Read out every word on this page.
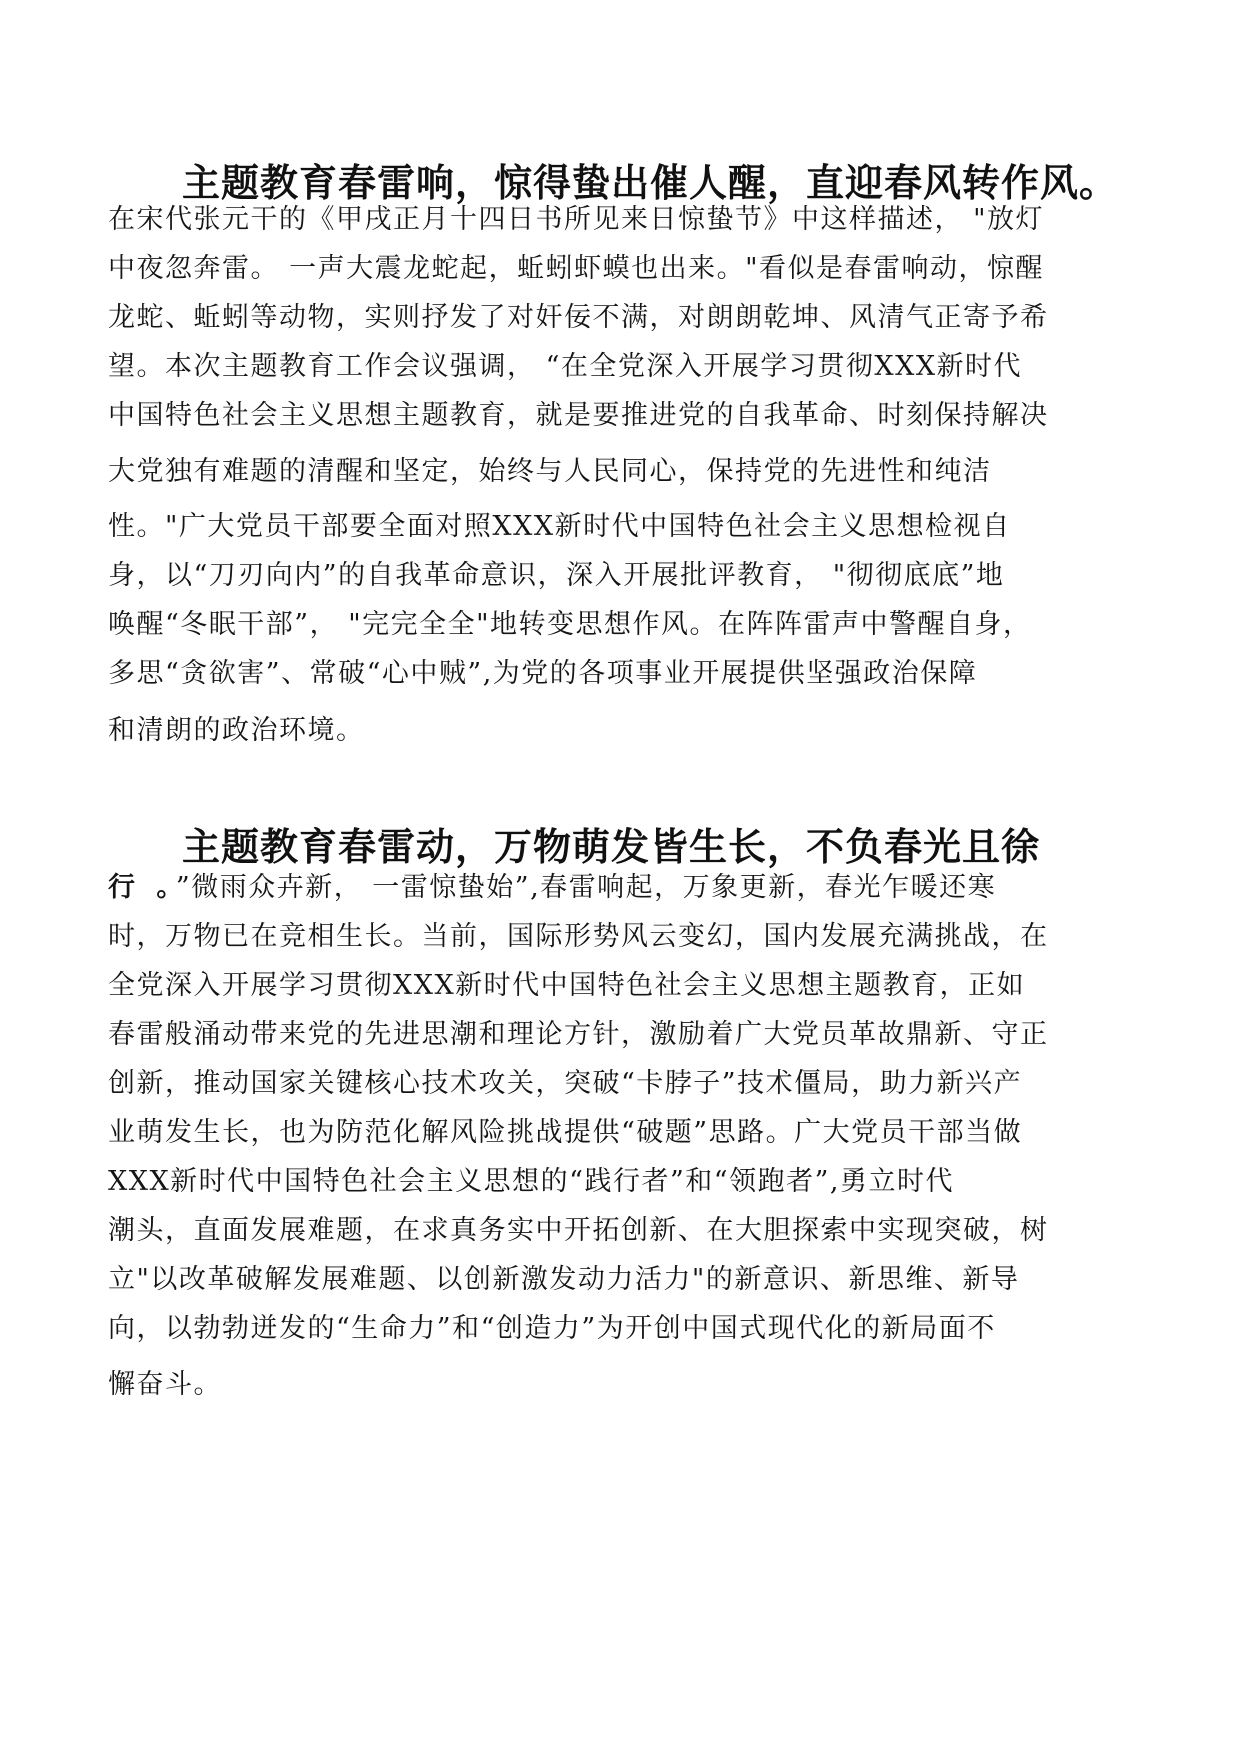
主题教育春雷响，惊得蛰出催人醒，直迎春风转作风。

在宋代张元干的《甲戌正月十四日书所见来日惊蛰节》中这样描述， "放灯

中夜忽奔雷。 一声大震龙蛇起，蚯蚓虾蟆也出来。"看似是春雷响动，惊醒

龙蛇、蚯蚓等动物，实则抒发了对奸佞不满，对朗朗乾坤、风清气正寄予希

望。本次主题教育工作会议强调， “在全党深入开展学习贯彻XXX新时代

中国特色社会主义思想主题教育，就是要推进党的自我革命、时刻保持解决

大党独有难题的清醒和坚定，始终与人民同心，保持党的先进性和纯洁

性。"广大党员干部要全面对照XXX新时代中国特色社会主义思想检视自

身，以“刀刃向内”的自我革命意识，深入开展批评教育， "彻彻底底”地

唤醒“冬眠干部”， "完完全全"地转变思想作风。在阵阵雷声中警醒自身，

多思“贪欲害”、常破“心中贼”,为党的各项事业开展提供坚强政治保障

和清朗的政治环境。

主题教育春雷动，万物萌发皆生长，不负春光且徐

行 。”微雨众卉新， 一雷惊蛰始”,春雷响起，万象更新，春光乍暖还寒

时，万物已在竞相生长。当前，国际形势风云变幻，国内发展充满挑战，在

全党深入开展学习贯彻XXX新时代中国特色社会主义思想主题教育，正如

春雷般涌动带来党的先进思潮和理论方针，激励着广大党员革故鼎新、守正

创新，推动国家关键核心技术攻关，突破“卡脖子”技术僵局，助力新兴产

业萌发生长，也为防范化解风险挑战提供“破题”思路。广大党员干部当做

XXX新时代中国特色社会主义思想的“践行者”和“领跑者”,勇立时代

潮头，直面发展难题，在求真务实中开拓创新、在大胆探索中实现突破，树

立"以改革破解发展难题、以创新激发动力活力"的新意识、新思维、新导

向，以勃勃迸发的“生命力”和“创造力”为开创中国式现代化的新局面不

懈奋斗。
